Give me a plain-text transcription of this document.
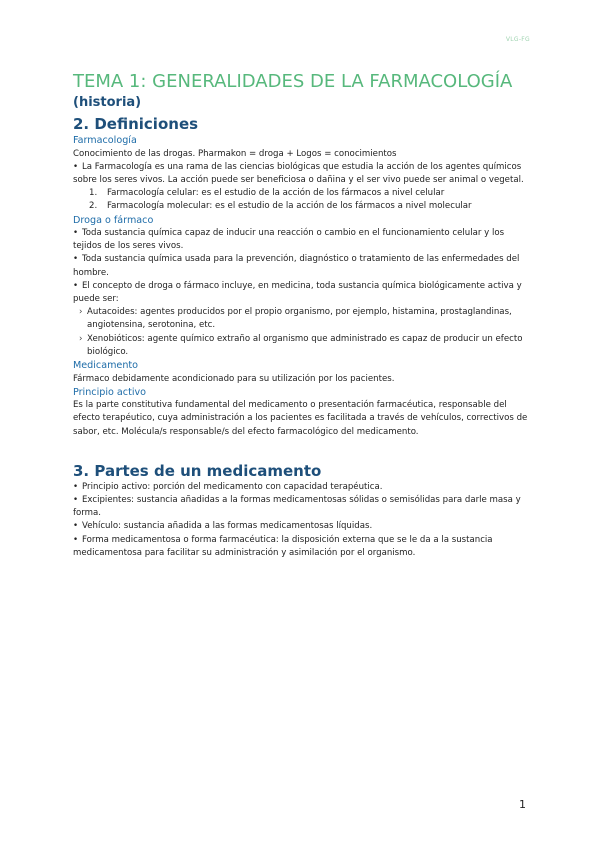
VLG-FG
TEMA 1: GENERALIDADES DE LA FARMACOLOGÍA
(historia)
2. Definiciones
Farmacología

Conocimiento de las drogas. Pharmakon = droga + Logos = conocimientos

• La Farmacología es una rama de las ciencias biológicas que estudia la acción de los agentes químicos sobre los seres vivos. La acción puede ser beneficiosa o dañina y el ser vivo puede ser animal o vegetal.

1. Farmacología celular: es el estudio de la acción de los fármacos a nivel celular

2. Farmacología molecular: es el estudio de la acción de los fármacos a nivel molecular

Droga o fármaco

• Toda sustancia química capaz de inducir una reacción o cambio en el funcionamiento celular y los tejidos de los seres vivos.

• Toda sustancia química usada para la prevención, diagnóstico o tratamiento de las enfermedades del hombre.

• El concepto de droga o fármaco incluye, en medicina, toda sustancia química biológicamente activa y puede ser:

› Autacoides: agentes producidos por el propio organismo, por ejemplo, histamina, prostaglandinas, angiotensina, serotonina, etc.

› Xenobióticos: agente químico extraño al organismo que administrado es capaz de producir un efecto biológico.

Medicamento

Fármaco debidamente acondicionado para su utilización por los pacientes.

Principio activo

Es la parte constitutiva fundamental del medicamento o presentación farmacéutica, responsable del efecto terapéutico, cuya administración a los pacientes es facilitada a través de vehículos, correctivos de sabor, etc. Molécula/s responsable/s del efecto farmacológico del medicamento.

3. Partes de un medicamento

• Principio activo: porción del medicamento con capacidad terapéutica.

• Excipientes: sustancia añadidas a la formas medicamentosas sólidas o semisólidas para darle masa y forma.

• Vehículo: sustancia añadida a las formas medicamentosas líquidas.

• Forma medicamentosa o forma farmacéutica: la disposición externa que se le da a la sustancia medicamentosa para facilitar su administración y asimilación por el organismo.

1
